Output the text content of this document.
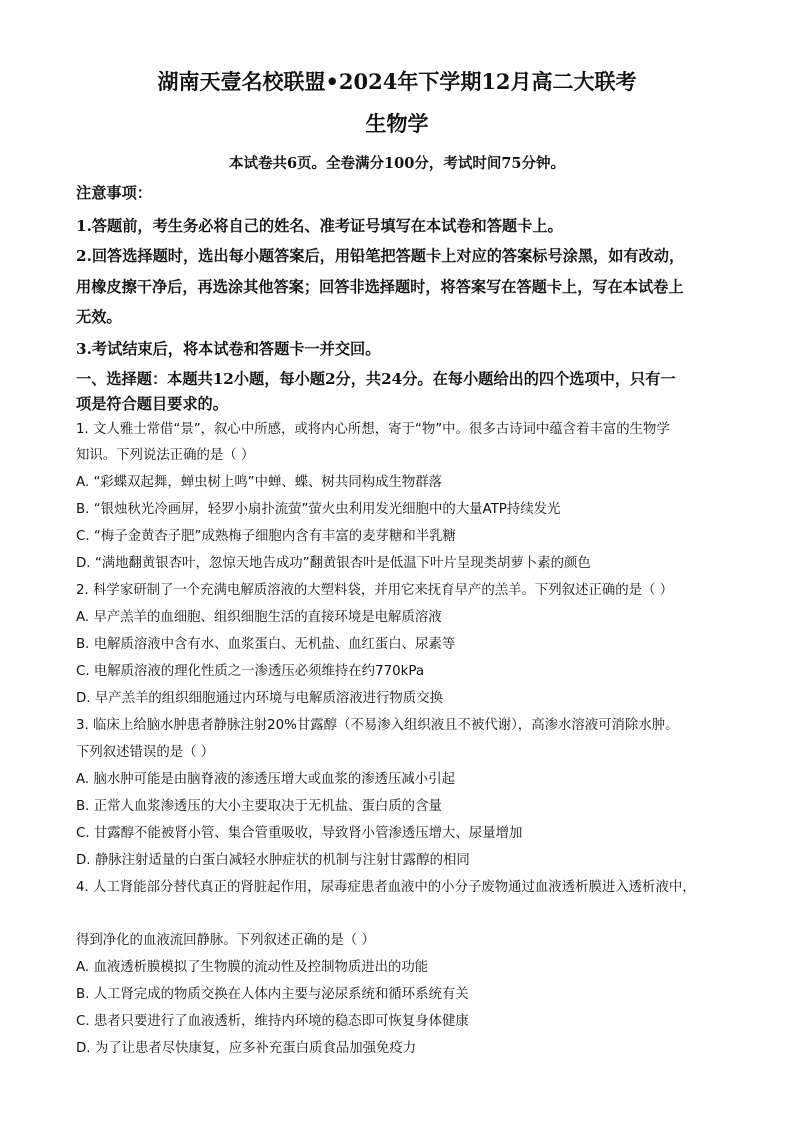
湖南天壹名校联盟•2024年下学期12月高二大联考
生物学
本试卷共6页。全卷满分100分，考试时间75分钟。
注意事项：
1.答题前，考生务必将自己的姓名、准考证号填写在本试卷和答题卡上。
2.回答选择题时，选出每小题答案后，用铅笔把答题卡上对应的答案标号涂黑，如有改动，
用橡皮擦干净后，再选涂其他答案；回答非选择题时，将答案写在答题卡上，写在本试卷上
无效。
3.考试结束后，将本试卷和答题卡一并交回。
一、选择题：本题共12小题，每小题2分，共24分。在每小题给出的四个选项中，只有一
项是符合题目要求的。
1. 文人雅士常借“景”，叙心中所感，或将内心所想，寄于“物”中。很多古诗词中蕴含着丰富的生物学
知识。下列说法正确的是（ ）
A. “彩蝶双起舞，蝉虫树上鸣”中蝉、蝶、树共同构成生物群落
B. “银烛秋光冷画屏，轻罗小扇扑流萤”萤火虫利用发光细胞中的大量ATP持续发光
C. “梅子金黄杏子肥”成熟梅子细胞内含有丰富的麦芽糖和半乳糖
D. “满地翻黄银杏叶，忽惊天地告成功”翻黄银杏叶是低温下叶片呈现类胡萝卜素的颜色
2. 科学家研制了一个充满电解质溶液的大塑料袋，并用它来抚育早产的羔羊。下列叙述正确的是（ ）
A. 早产羔羊的血细胞、组织细胞生活的直接环境是电解质溶液
B. 电解质溶液中含有水、血浆蛋白、无机盐、血红蛋白、尿素等
C. 电解质溶液的理化性质之一渗透压必须维持在约770kPa
D. 早产羔羊的组织细胞通过内环境与电解质溶液进行物质交换
3. 临床上给脑水肿患者静脉注射20%甘露醇（不易渗入组织液且不被代谢），高渗水溶液可消除水肿。
下列叙述错误的是（ ）
A. 脑水肿可能是由脑脊液的渗透压增大或血浆的渗透压减小引起
B. 正常人血浆渗透压的大小主要取决于无机盐、蛋白质的含量
C. 甘露醇不能被肾小管、集合管重吸收，导致肾小管渗透压增大、尿量增加
D. 静脉注射适量的白蛋白减轻水肿症状的机制与注射甘露醇的相同
4. 人工肾能部分替代真正的肾脏起作用，尿毒症患者血液中的小分子废物通过血液透析膜进入透析液中，
得到净化的血液流回静脉。下列叙述正确的是（ ）
A. 血液透析膜模拟了生物膜的流动性及控制物质进出的功能
B. 人工肾完成的物质交换在人体内主要与泌尿系统和循环系统有关
C. 患者只要进行了血液透析，维持内环境的稳态即可恢复身体健康
D. 为了让患者尽快康复，应多补充蛋白质食品加强免疫力
